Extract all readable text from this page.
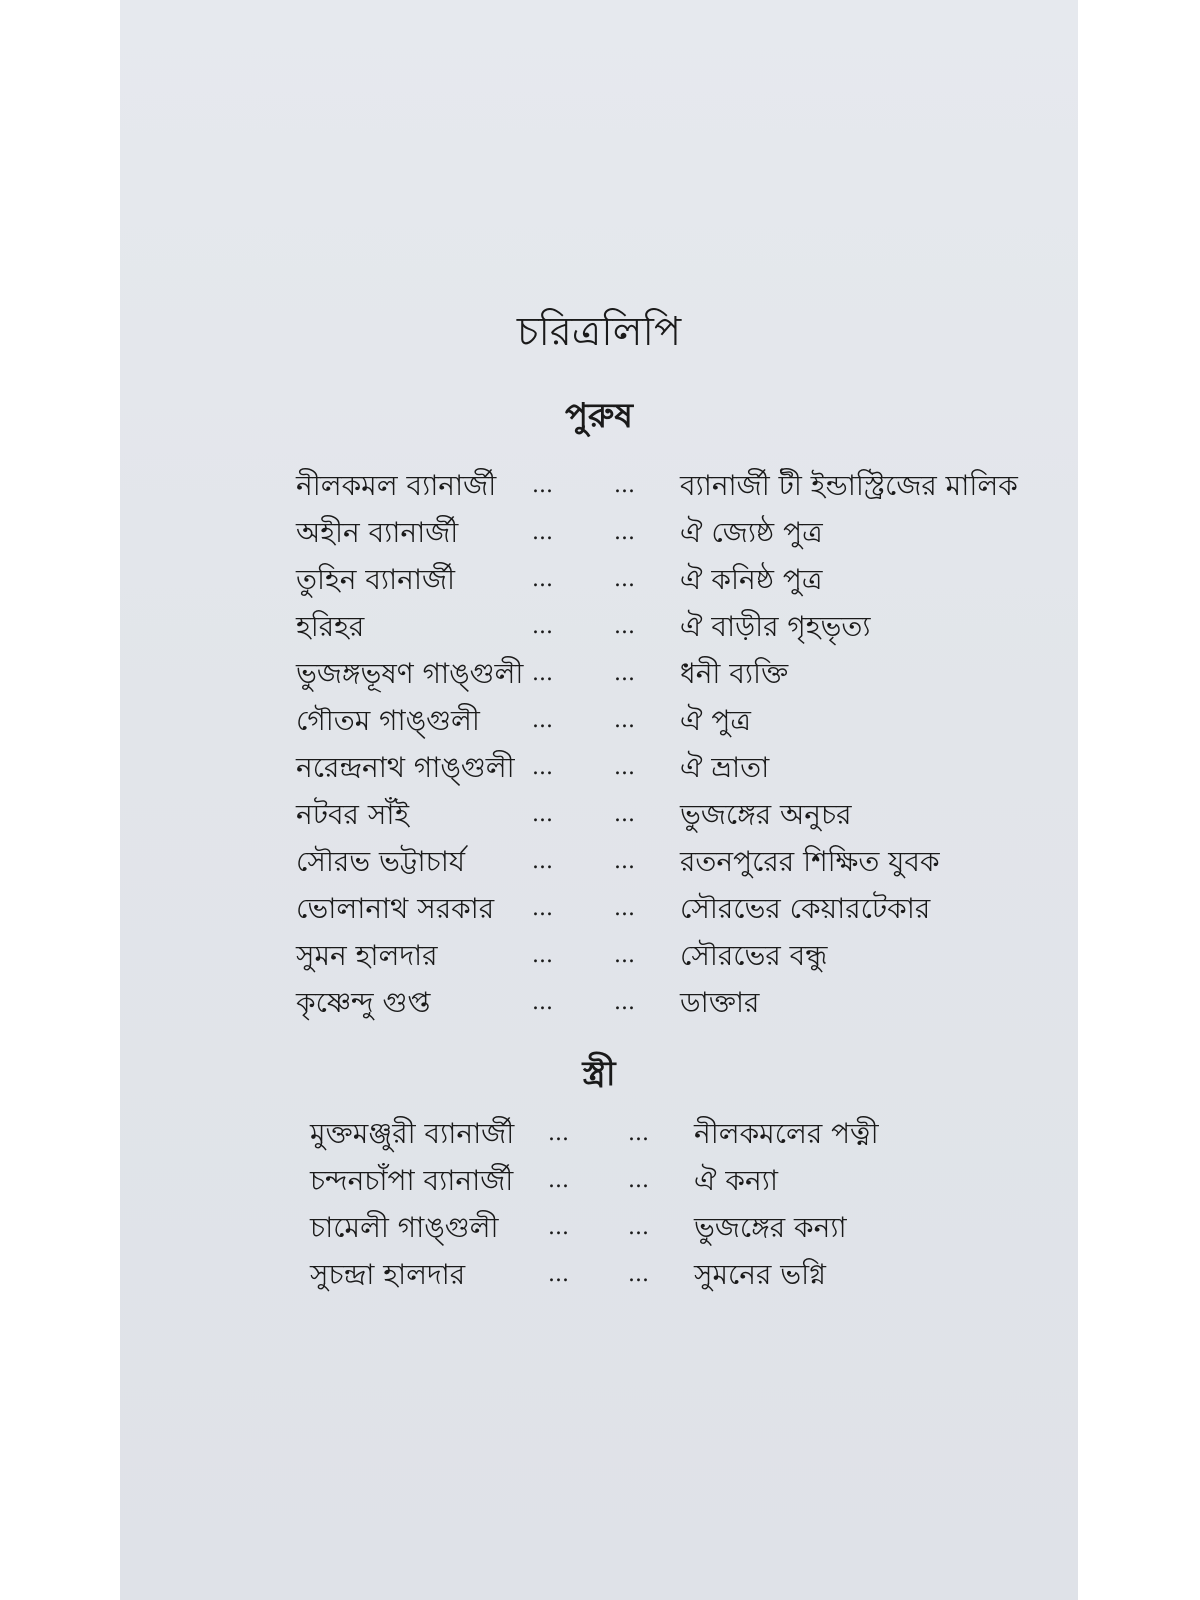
চরিত্রলিপি
পুরুষ
নীলকমল ব্যানার্জী ...	... ব্যানার্জী টী ইন্ডাস্ট্রিজের মালিক
অহীন ব্যানার্জী	...	... ঐ জ্যেষ্ঠ পুত্র
তুহিন ব্যানার্জী	...	... ঐ কনিষ্ঠ পুত্র
হরিহর	...	... ঐ বাড়ীর গৃহভৃত্য
ভুজঙ্গভূষণ গাঙ্গুলী ...	... ধনী ব্যক্তি
গৌতম গাঙ্গুলী ...	... ঐ পুত্র
নরেন্দ্রনাথ গাঙ্গুলী ...	... ঐ ভ্রাতা
নটবর সাঁই	...	... ভুজঙ্গের অনুচর
সৌরভ ভট্টাচার্য	...	... রতনপুরের শিক্ষিত যুবক
ভোলানাথ সরকার ...	... সৌরভের কেয়ারটেকার
সুমন হালদার	...	... সৌরভের বন্ধু
কৃষ্ণেন্দু গুপ্ত	...	... ডাক্তার
স্ত্রী
মুক্তমঞ্জুরী ব্যানার্জী ...	... নীলকমলের পত্নী
চন্দনচাঁপা ব্যানার্জী ...	... ঐ কন্যা
চামেলী গাঙ্গুলী ...	... ভুজঙ্গের কন্যা
সুচন্দ্রা হালদার	...	... সুমনের ভগ্নি
